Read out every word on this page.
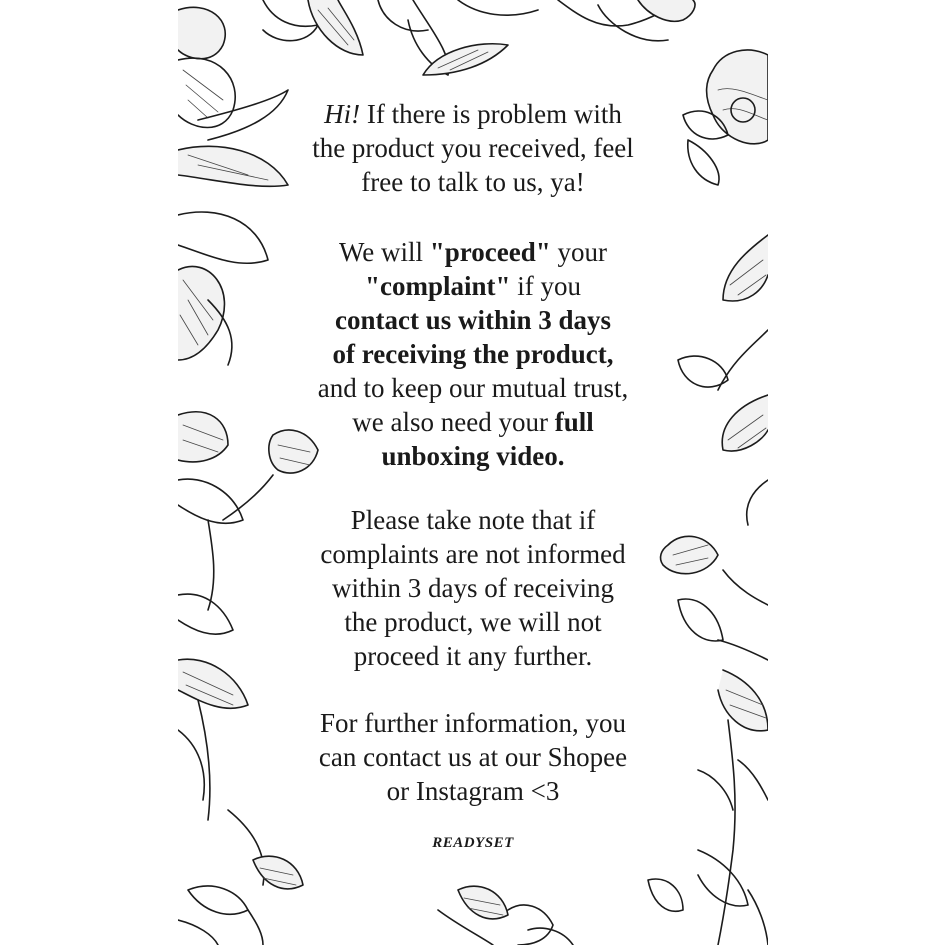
Hi! If there is problem with
the product you received, feel
free to talk to us, ya!
We will "proceed" your
"complaint" if you
contact us within 3 days
of receiving the product,
and to keep our mutual trust,
we also need your full
unboxing video.
Please take note that if
complaints are not informed
within 3 days of receiving
the product, we will not
proceed it any further.
For further information, you
can contact us at our Shopee
or Instagram <3
READYSET
